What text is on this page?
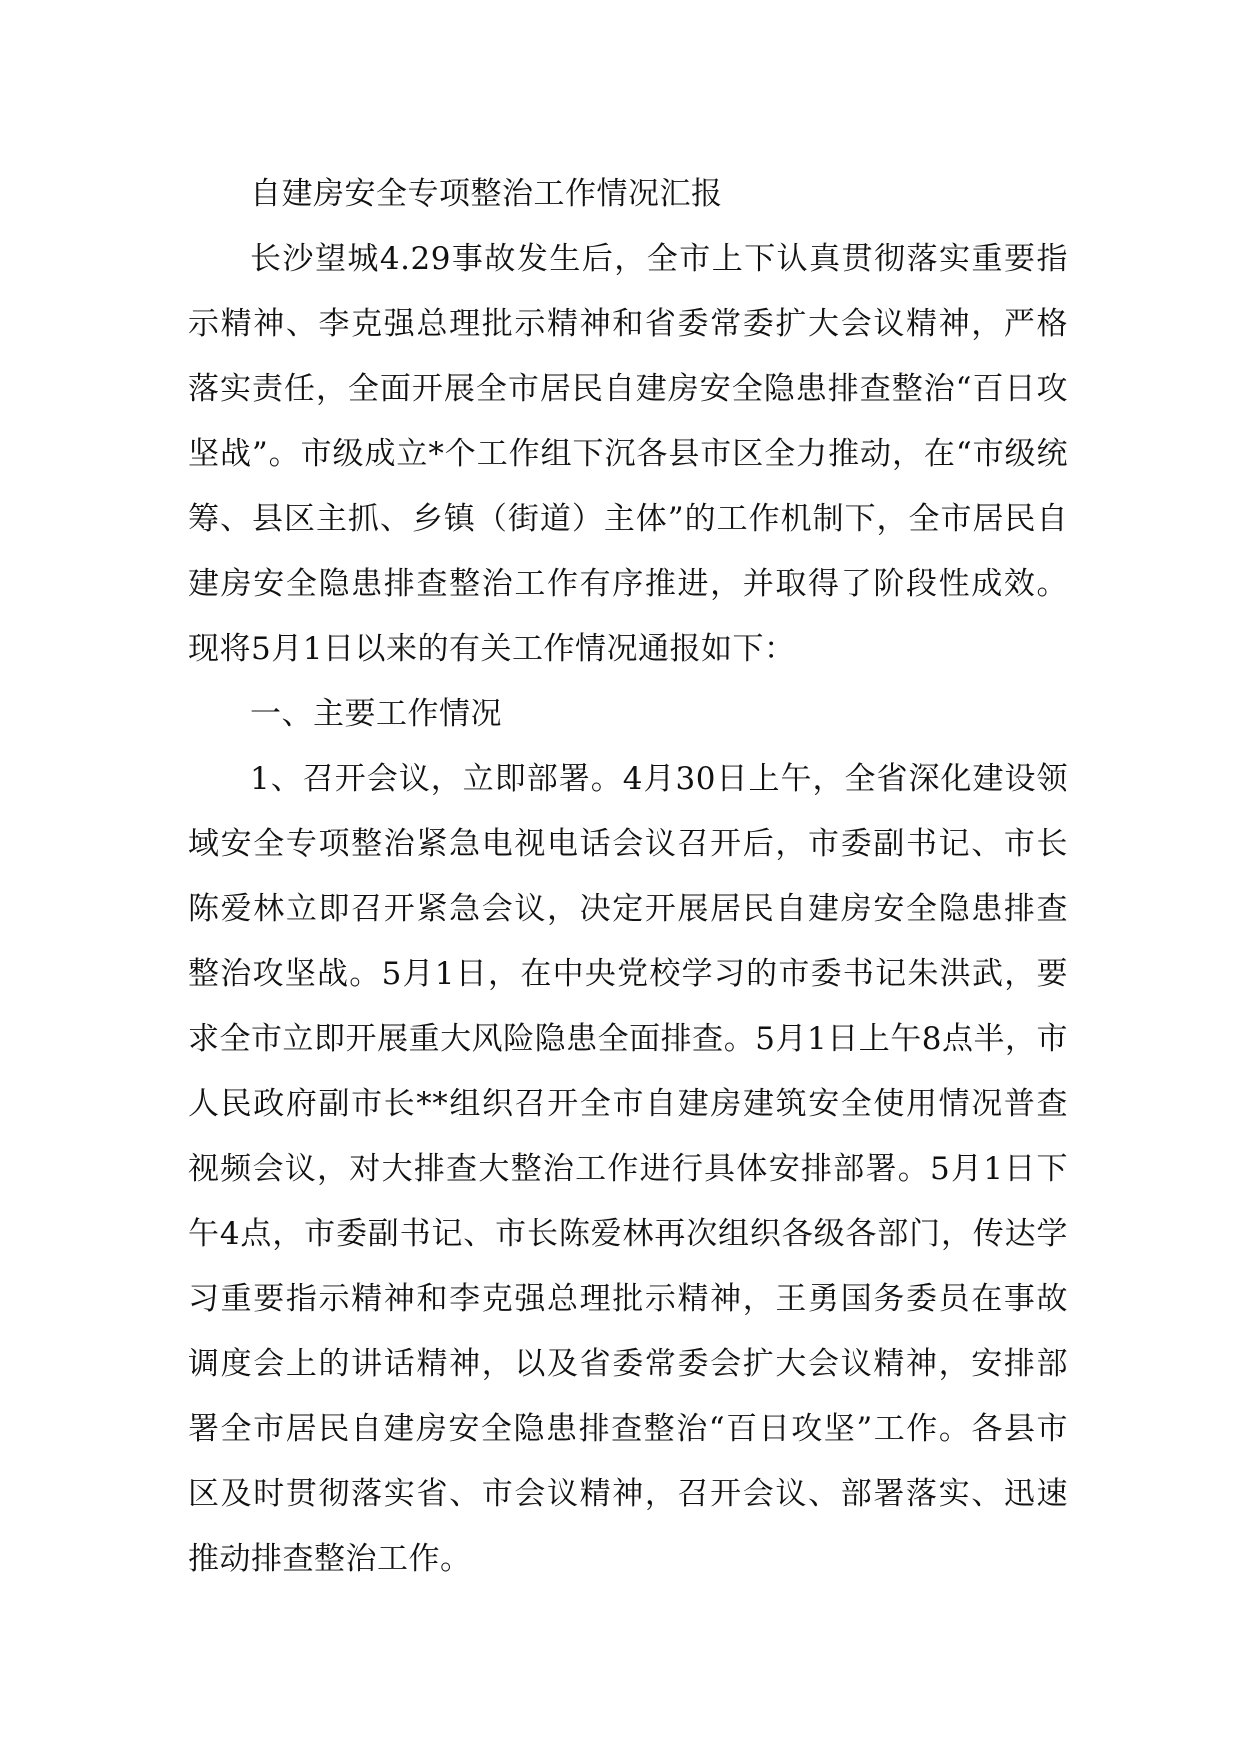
自建房安全专项整治工作情况汇报

长沙望城4.29事故发生后，全市上下认真贯彻落实重要指示精神、李克强总理批示精神和省委常委扩大会议精神，严格落实责任，全面开展全市居民自建房安全隐患排查整治“百日攻坚战”。市级成立*个工作组下沉各县市区全力推动，在“市级统筹、县区主抓、乡镇（街道）主体”的工作机制下，全市居民自建房安全隐患排查整治工作有序推进，并取得了阶段性成效。现将5月1日以来的有关工作情况通报如下：

一、主要工作情况

1、召开会议，立即部署。4月30日上午，全省深化建设领域安全专项整治紧急电视电话会议召开后，市委副书记、市长陈爱林立即召开紧急会议，决定开展居民自建房安全隐患排查整治攻坚战。5月1日，在中央党校学习的市委书记朱洪武，要求全市立即开展重大风险隐患全面排查。5月1日上午8点半，市人民政府副市长**组织召开全市自建房建筑安全使用情况普查视频会议，对大排查大整治工作进行具体安排部署。5月1日下午4点，市委副书记、市长陈爱林再次组织各级各部门，传达学习重要指示精神和李克强总理批示精神，王勇国务委员在事故调度会上的讲话精神，以及省委常委会扩大会议精神，安排部署全市居民自建房安全隐患排查整治“百日攻坚”工作。各县市区及时贯彻落实省、市会议精神，召开会议、部署落实、迅速推动排查整治工作。
